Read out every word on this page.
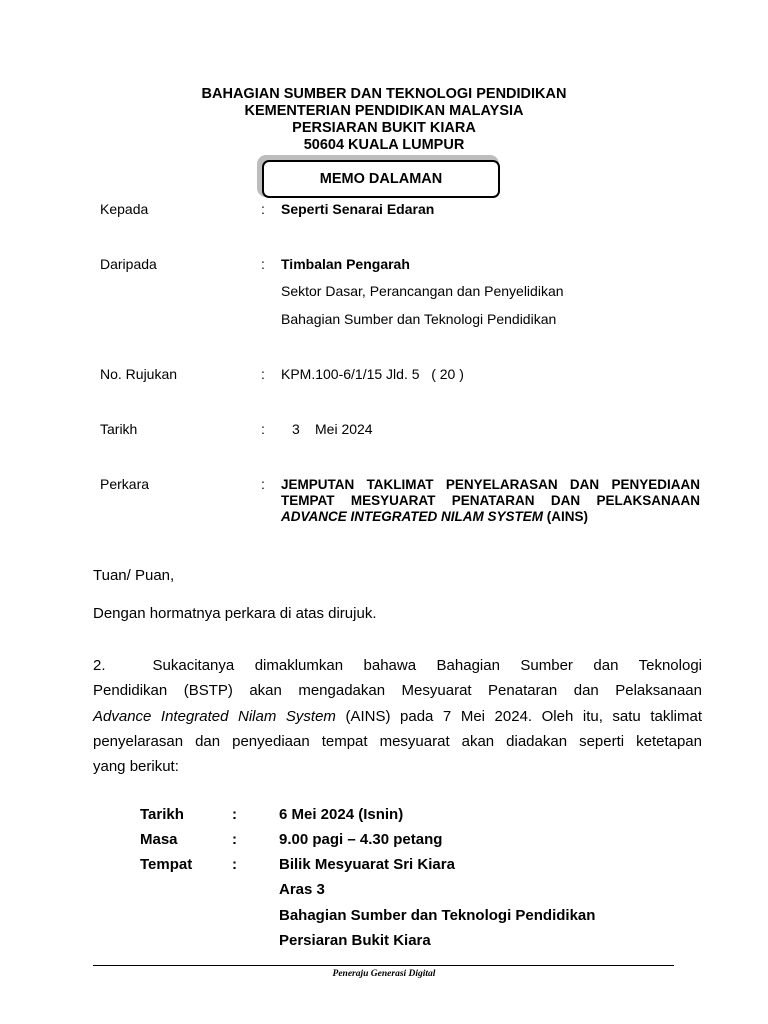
BAHAGIAN SUMBER DAN TEKNOLOGI PENDIDIKAN
KEMENTERIAN PENDIDIKAN MALAYSIA
PERSIARAN BUKIT KIARA
50604 KUALA LUMPUR
MEMO DALAMAN
Kepada	: Seperti Senarai Edaran
Daripada	: Timbalan Pengarah
Sektor Dasar, Perancangan dan Penyelidikan
Bahagian Sumber dan Teknologi Pendidikan
No. Rujukan	: KPM.100-6/1/15 Jld. 5   ( 20 )
Tarikh	: 3 Mei 2024
Perkara	: JEMPUTAN TAKLIMAT PENYELARASAN DAN PENYEDIAAN
TEMPAT MESYUARAT PENATARAN DAN PELAKSANAAN
ADVANCE INTEGRATED NILAM SYSTEM (AINS)
Tuan/ Puan,
Dengan hormatnya perkara di atas dirujuk.
2.	Sukacitanya dimaklumkan bahawa Bahagian Sumber dan Teknologi
Pendidikan (BSTP) akan mengadakan Mesyuarat Penataran dan Pelaksanaan
Advance Integrated Nilam System (AINS) pada 7 Mei 2024. Oleh itu, satu taklimat
penyelarasan dan penyediaan tempat mesyuarat akan diadakan seperti ketetapan
yang berikut:
Tarikh	:	6 Mei 2024 (Isnin)
Masa	:	9.00 pagi – 4.30 petang
Tempat	:	Bilik Mesyuarat Sri Kiara
Aras 3
Bahagian Sumber dan Teknologi Pendidikan
Persiaran Bukit Kiara
Peneraju Generasi Digital
